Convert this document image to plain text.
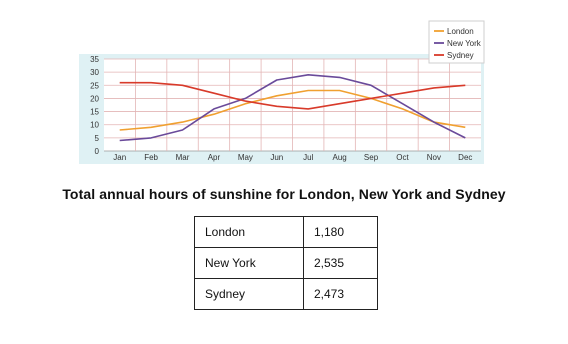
0
5
10
15
20
25
30
35
Jan Feb Mar Apr May Jun Jul Aug Sep Oct Nov Dec
London
New York
Sydney
Total annual hours of sunshine for London, New York and Sydney
London	1,180
New York	2,535
Sydney	2,473
